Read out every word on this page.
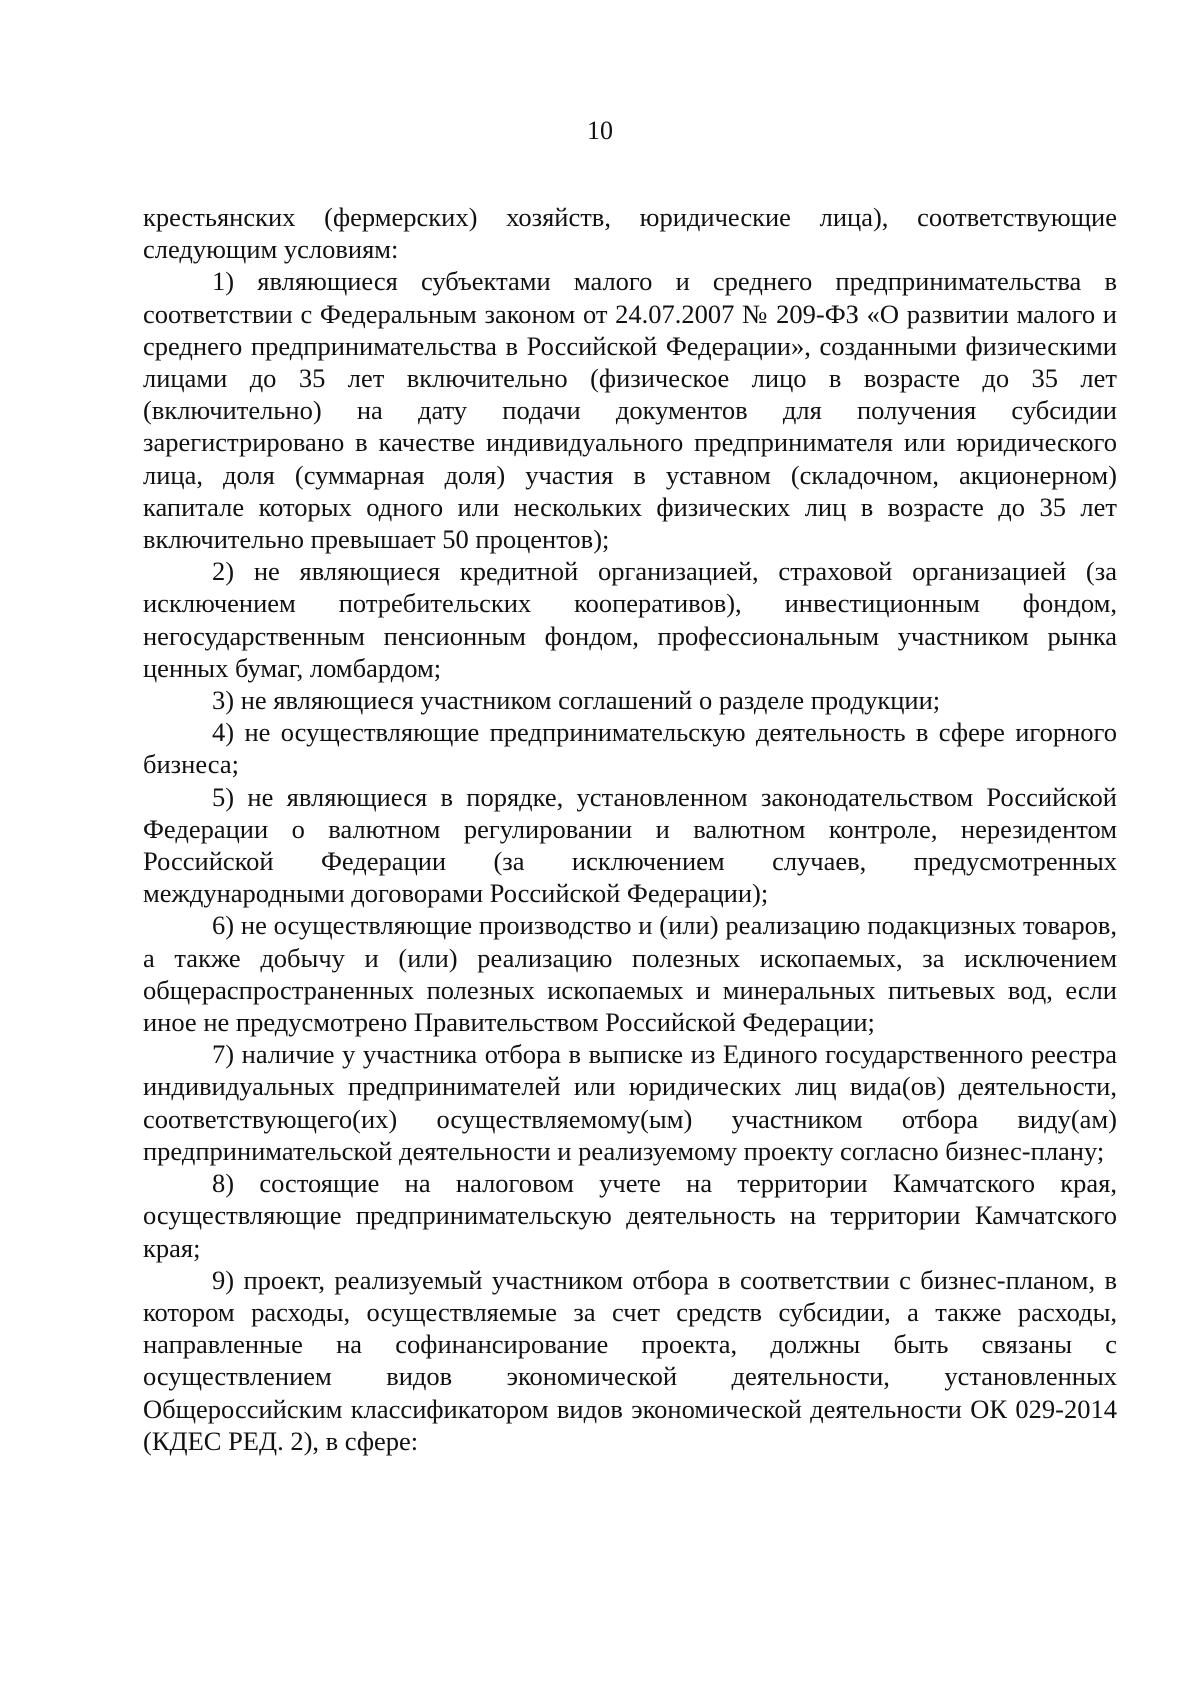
10

крестьянских (фермерских) хозяйств, юридические лица), соответствующие следующим условиям:

1) являющиеся субъектами малого и среднего предпринимательства в соответствии с Федеральным законом от 24.07.2007 № 209-ФЗ «О развитии малого и среднего предпринимательства в Российской Федерации», созданными физическими лицами до 35 лет включительно (физическое лицо в возрасте до 35 лет (включительно) на дату подачи документов для получения субсидии зарегистрировано в качестве индивидуального предпринимателя или юридического лица, доля (суммарная доля) участия в уставном (складочном, акционерном) капитале которых одного или нескольких физических лиц в возрасте до 35 лет включительно превышает 50 процентов);

2) не являющиеся кредитной организацией, страховой организацией (за исключением потребительских кооперативов), инвестиционным фондом, негосударственным пенсионным фондом, профессиональным участником рынка ценных бумаг, ломбардом;

3) не являющиеся участником соглашений о разделе продукции;

4) не осуществляющие предпринимательскую деятельность в сфере игорного бизнеса;

5) не являющиеся в порядке, установленном законодательством Российской Федерации о валютном регулировании и валютном контроле, нерезидентом Российской Федерации (за исключением случаев, предусмотренных международными договорами Российской Федерации);

6) не осуществляющие производство и (или) реализацию подакцизных товаров, а также добычу и (или) реализацию полезных ископаемых, за исключением общераспространенных полезных ископаемых и минеральных питьевых вод, если иное не предусмотрено Правительством Российской Федерации;

7) наличие у участника отбора в выписке из Единого государственного реестра индивидуальных предпринимателей или юридических лиц вида(ов) деятельности, соответствующего(их) осуществляемому(ым) участником отбора виду(ам) предпринимательской деятельности и реализуемому проекту согласно бизнес-плану;

8) состоящие на налоговом учете на территории Камчатского края, осуществляющие предпринимательскую деятельность на территории Камчатского края;

9) проект, реализуемый участником отбора в соответствии с бизнес-планом, в котором расходы, осуществляемые за счет средств субсидии, а также расходы, направленные на софинансирование проекта, должны быть связаны с осуществлением видов экономической деятельности, установленных Общероссийским классификатором видов экономической деятельности ОК 029-2014 (КДЕС РЕД. 2), в сфере:
